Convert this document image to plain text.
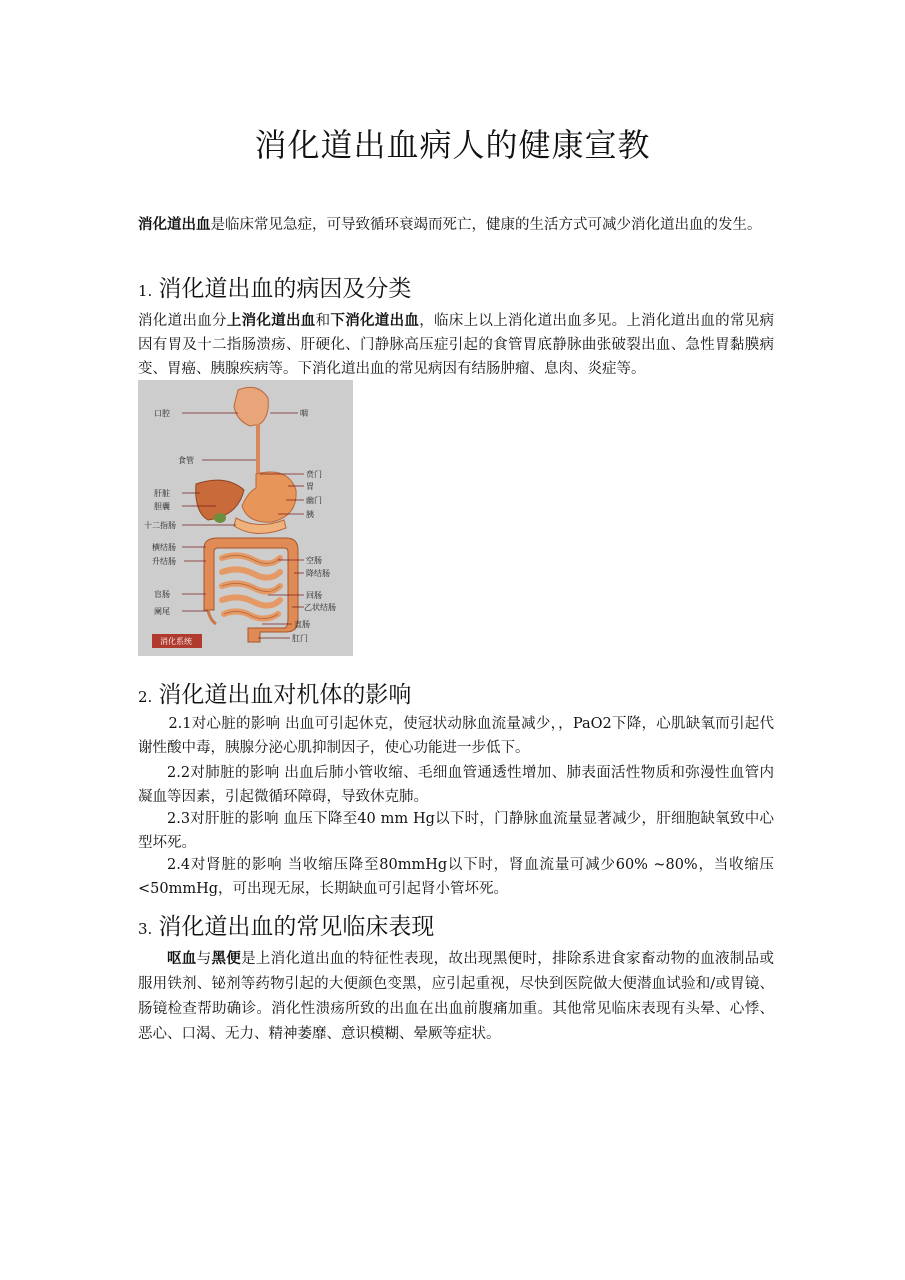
消化道出血病人的健康宣教

消化道出血是临床常见急症，可导致循环衰竭而死亡，健康的生活方式可减少消化道出血的发生。

1. 消化道出血的病因及分类

消化道出血分上消化道出血和下消化道出血，临床上以上消化道出血多见。上消化道出血的常见病因有胃及十二指肠溃疡、肝硬化、门静脉高压症引起的食管胃底静脉曲张破裂出血、急性胃黏膜病变、胃癌、胰腺疾病等。下消化道出血的常见病因有结肠肿瘤、息肉、炎症等。

口腔
食管
肝脏
胆囊
十二指肠
横结肠
升结肠
盲肠
阑尾
咽
贲门
胃
幽门
胰
空肠
降结肠
回肠
乙状结肠
直肠
肛门
消化系统
2. 消化道出血对机体的影响

2.1对心脏的影响 出血可引起休克，使冠状动脉血流量减少，，PaO2下降，心肌缺氧而引起代谢性酸中毒，胰腺分泌心肌抑制因子，使心功能进一步低下。

2.2对肺脏的影响 出血后肺小管收缩、毛细血管通透性增加、肺表面活性物质和弥漫性血管内凝血等因素，引起微循环障碍，导致休克肺。

2.3对肝脏的影响 血压下降至40 mm Hg以下时，门静脉血流量显著减少，肝细胞缺氧致中心型坏死。

2.4对肾脏的影响 当收缩压降至80mmHg以下时，肾血流量可减少60% ~80%，当收缩压<50mmHg，可出现无尿，长期缺血可引起肾小管坏死。

3. 消化道出血的常见临床表现

呕血与黑便是上消化道出血的特征性表现，故出现黑便时，排除系进食家畜动物的血液制品或服用铁剂、铋剂等药物引起的大便颜色变黑，应引起重视，尽快到医院做大便潜血试验和/或胃镜、肠镜检查帮助确诊。消化性溃疡所致的出血在出血前腹痛加重。其他常见临床表现有头晕、心悸、恶心、口渴、无力、精神萎靡、意识模糊、晕厥等症状。
